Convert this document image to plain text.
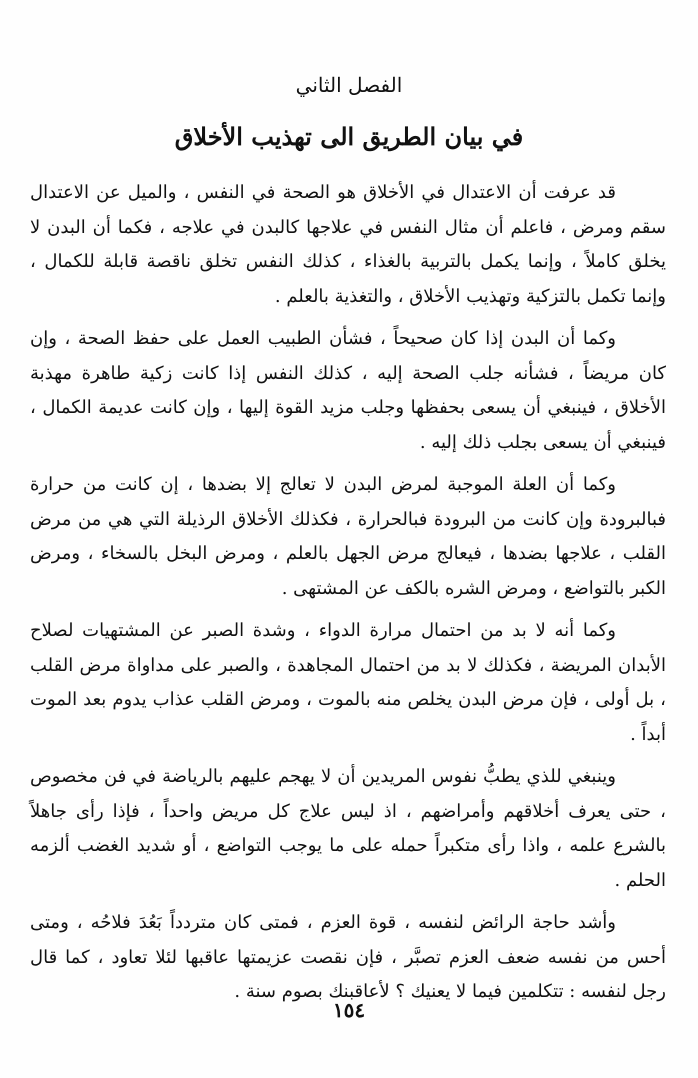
الفصل الثاني
في بيان الطريق الى تهذيب الأخلاق

قد عرفت أن الاعتدال في الأخلاق هو الصحة في النفس ، والميل عن الاعتدال سقم ومرض ، فاعلم أن مثال النفس في علاجها كالبدن في علاجه ، فكما أن البدن لا يخلق كاملاً ، وإنما يكمل بالتربية بالغذاء ، كذلك النفس تخلق ناقصة قابلة للكمال ، وإنما تكمل بالتزكية وتهذيب الأخلاق ، والتغذية بالعلم .

وكما أن البدن إذا كان صحيحاً ، فشأن الطبيب العمل على حفظ الصحة ، وإن كان مريضاً ، فشأنه جلب الصحة إليه ، كذلك النفس إذا كانت زكية طاهرة مهذبة الأخلاق ، فينبغي أن يسعى بحفظها وجلب مزيد القوة إليها ، وإن كانت عديمة الكمال ، فينبغي أن يسعى بجلب ذلك إليه .

وكما أن العلة الموجبة لمرض البدن لا تعالج إلا بضدها ، إن كانت من حرارة فبالبرودة وإن كانت من البرودة فبالحرارة ، فكذلك الأخلاق الرذيلة التي هي من مرض القلب ، علاجها بضدها ، فيعالج مرض الجهل بالعلم ، ومرض البخل بالسخاء ، ومرض الكبر بالتواضع ، ومرض الشره بالكف عن المشتهى .

وكما أنه لا بد من احتمال مرارة الدواء ، وشدة الصبر عن المشتهيات لصلاح الأبدان المريضة ، فكذلك لا بد من احتمال المجاهدة ، والصبر على مداواة مرض القلب ، بل أولى ، فإن مرض البدن يخلص منه بالموت ، ومرض القلب عذاب يدوم بعد الموت أبداً .

وينبغي للذي يطبُّ نفوس المريدين أن لا يهجم عليهم بالرياضة في فن مخصوص ، حتى يعرف أخلاقهم وأمراضهم ، اذ ليس علاج كل مريض واحداً ، فإذا رأى جاهلاً بالشرع علمه ، واذا رأى متكبراً حمله على ما يوجب التواضع ، أو شديد الغضب ألزمه الحلم .

وأشد حاجة الرائض لنفسه ، قوة العزم ، فمتى كان متردداً بَعُدَ فلاحُه ، ومتى أحس من نفسه ضعف العزم تصبَّر ، فإن نقصت عزيمتها عاقبها لئلا تعاود ، كما قال رجل لنفسه : تتكلمين فيما لا يعنيك ؟ لأعاقبنك بصوم سنة .

١٥٤
